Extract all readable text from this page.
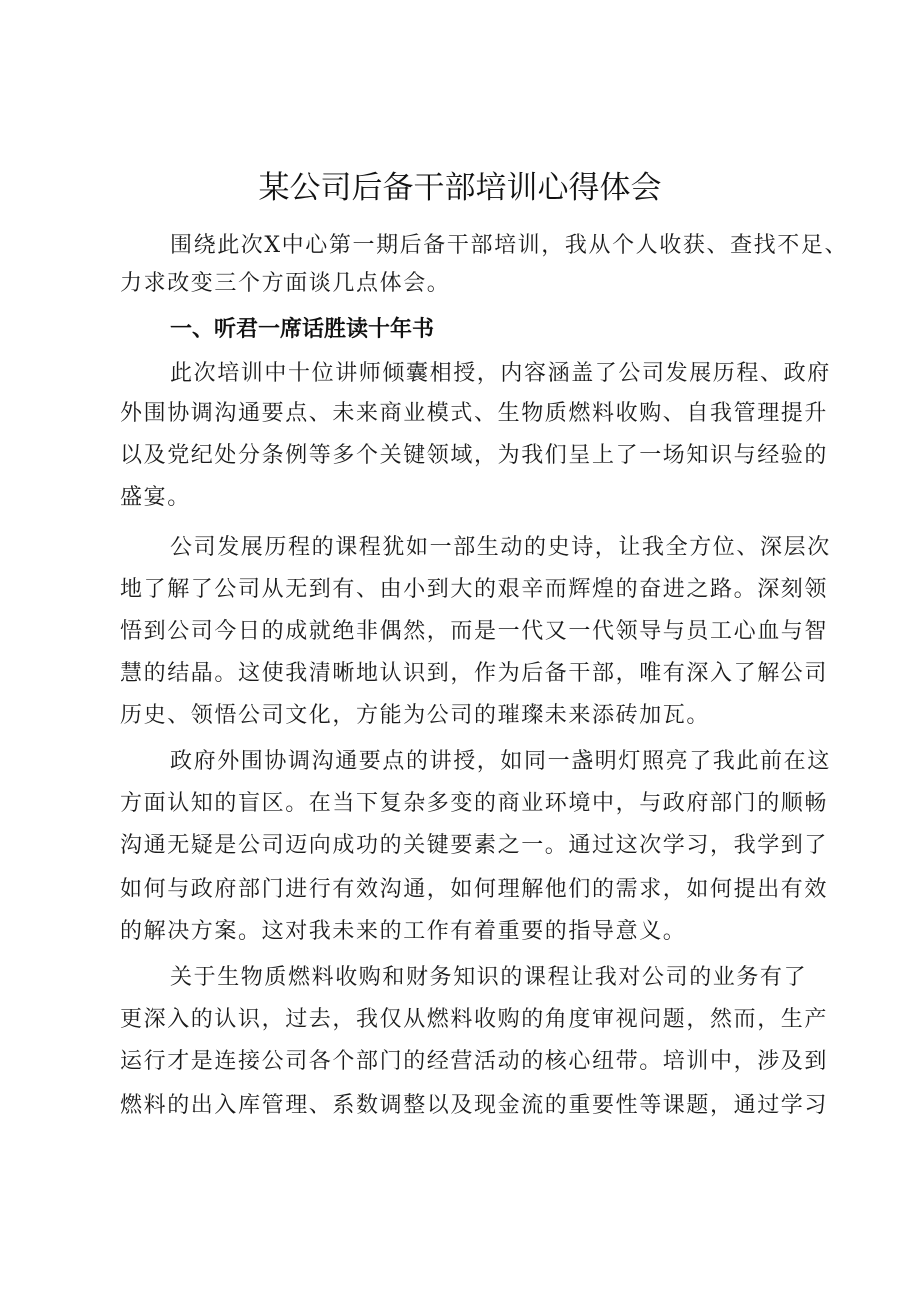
某公司后备干部培训心得体会

围绕此次X中心第一期后备干部培训，我从个人收获、查找不足、

力求改变三个方面谈几点体会。

一、听君一席话胜读十年书

此次培训中十位讲师倾囊相授，内容涵盖了公司发展历程、政府

外围协调沟通要点、未来商业模式、生物质燃料收购、自我管理提升

以及党纪处分条例等多个关键领域，为我们呈上了一场知识与经验的

盛宴。

公司发展历程的课程犹如一部生动的史诗，让我全方位、深层次

地了解了公司从无到有、由小到大的艰辛而辉煌的奋进之路。深刻领

悟到公司今日的成就绝非偶然，而是一代又一代领导与员工心血与智

慧的结晶。这使我清晰地认识到，作为后备干部，唯有深入了解公司

历史、领悟公司文化，方能为公司的璀璨未来添砖加瓦。

政府外围协调沟通要点的讲授，如同一盏明灯照亮了我此前在这

方面认知的盲区。在当下复杂多变的商业环境中，与政府部门的顺畅

沟通无疑是公司迈向成功的关键要素之一。通过这次学习，我学到了

如何与政府部门进行有效沟通，如何理解他们的需求，如何提出有效

的解决方案。这对我未来的工作有着重要的指导意义。

关于生物质燃料收购和财务知识的课程让我对公司的业务有了

更深入的认识，过去，我仅从燃料收购的角度审视问题，然而，生产

运行才是连接公司各个部门的经营活动的核心纽带。培训中，涉及到

燃料的出入库管理、系数调整以及现金流的重要性等课题，通过学习
